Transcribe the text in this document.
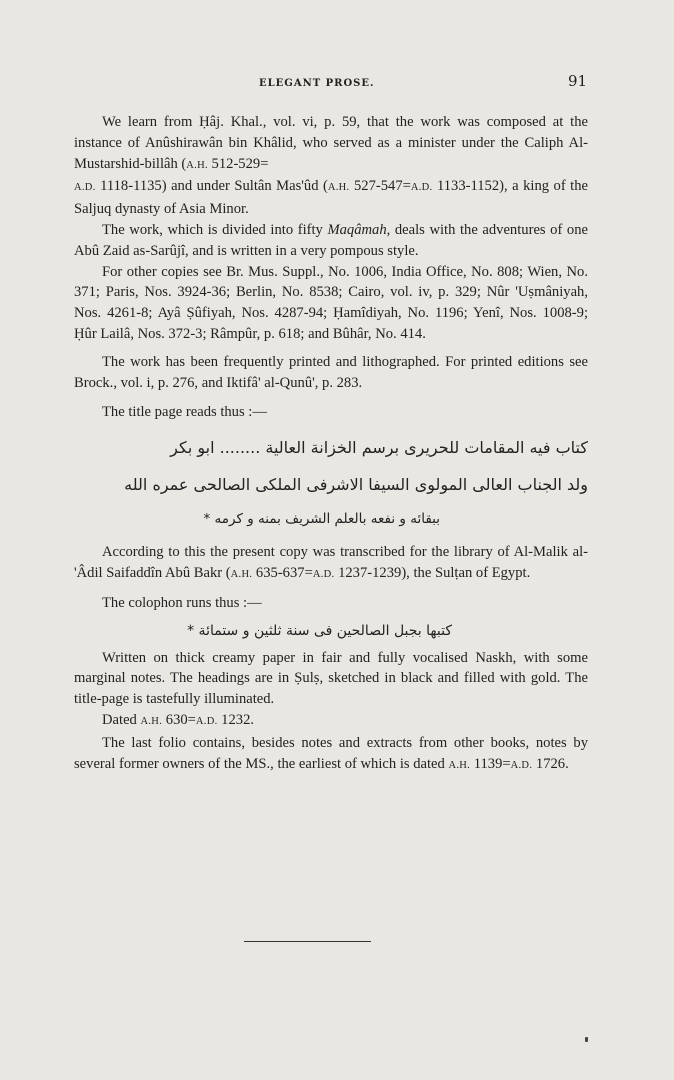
ELEGANT PROSE.	91

We learn from Ḥâj. Khal., vol. vi, p. 59, that the work was composed at the instance of Anûshirawân bin Khâlid, who served as a minister under the Caliph Al-Mustarshid-billâh (A.H. 512-529=
A.D. 1118-1135) and under Sultân Mas'ûd (A.H. 527-547=A.D. 1133-1152), a king of the Saljuq dynasty of Asia Minor.

The work, which is divided into fifty Maqâmah, deals with the adventures of one Abû Zaid as-Sarûjî, and is written in a very pompous style.

For other copies see Br. Mus. Suppl., No. 1006, India Office, No. 808; Wien, No. 371; Paris, Nos. 3924-36; Berlin, No. 8538; Cairo, vol. iv, p. 329; Nûr 'Uṣmâniyah, Nos. 4261-8; Ayâ Ṣûfiyah, Nos. 4287-94; Ḥamîdiyah, No. 1196; Yenî, Nos. 1008-9; Ḥûr Lailâ, Nos. 372-3; Râmpûr, p. 618; and Bûhâr, No. 414.

The work has been frequently printed and lithographed. For printed editions see Brock., vol. i, p. 276, and Iktifâ' al-Qunû', p. 283.

The title page reads thus :—

كتاب فيه المقامات للحريرى برسم الخزانة العالية ........ ابو بكر
ولد الجناب العالى المولوى السيفا الاشرفى الملكى الصالحى عمره الله
ببقائه و نفعه بالعلم الشريف بمنه و كرمه *

According to this the present copy was transcribed for the library of Al-Malik al-'Âdil Saifaddîn Abû Bakr (A.H. 635-637=A.D. 1237-1239), the Sulṭan of Egypt.

The colophon runs thus :—

كتبها بجبل الصالحين فى سنة ثلثين و ستمائة *

Written on thick creamy paper in fair and fully vocalised Naskh, with some marginal notes. The headings are in Ṣulṣ, sketched in black and filled with gold. The title-page is tastefully illuminated.

Dated A.H. 630=A.D. 1232.

The last folio contains, besides notes and extracts from other books, notes by several former owners of the MS., the earliest of which is dated A.H. 1139=A.D. 1726.
